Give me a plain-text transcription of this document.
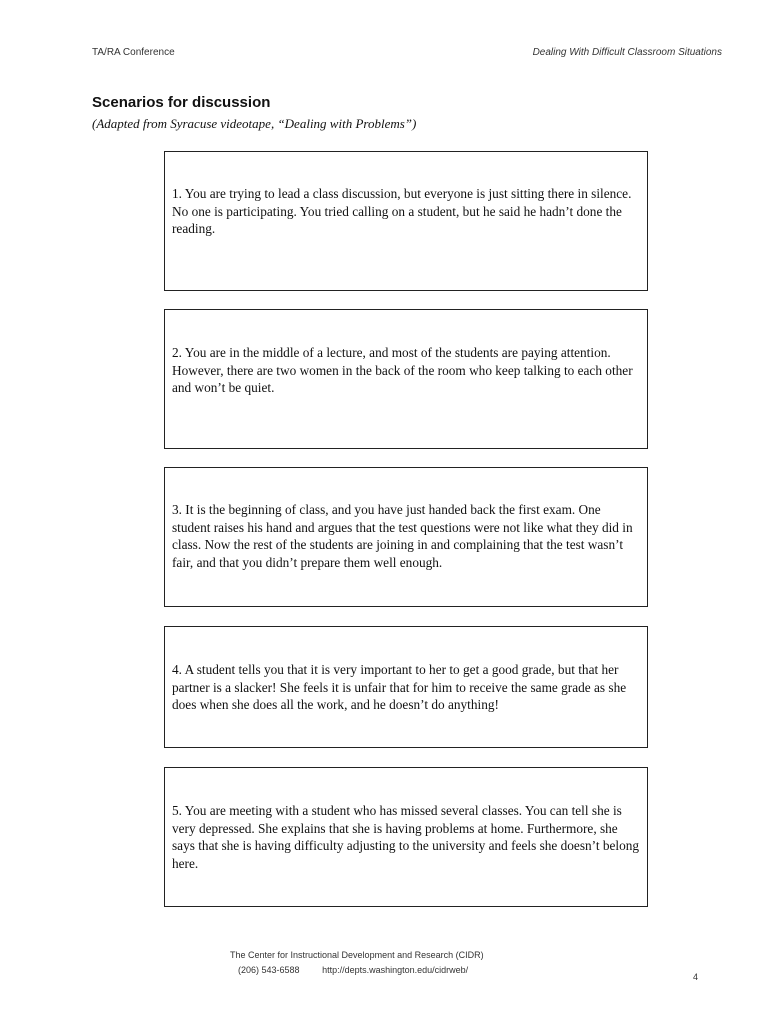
TA/RA Conference	Dealing With Difficult Classroom Situations
Scenarios for discussion
(Adapted from Syracuse videotape, “Dealing with Problems”)
1. You are trying to lead a class discussion, but everyone is just sitting there in silence. No one is participating. You tried calling on a student, but he said he hadn’t done the reading.
2. You are in the middle of a lecture, and most of the students are paying attention. However, there are two women in the back of the room who keep talking to each other and won’t be quiet.
3. It is the beginning of class, and you have just handed back the first exam. One student raises his hand and argues that the test questions were not like what they did in class. Now the rest of the students are joining in and complaining that the test wasn’t fair, and that you didn’t prepare them well enough.
4. A student tells you that it is very important to her to get a good grade, but that her partner is a slacker! She feels it is unfair that for him to receive the same grade as she does when she does all the work, and he doesn’t do anything!
5. You are meeting with a student who has missed several classes. You can tell she is very depressed. She explains that she is having problems at home. Furthermore, she says that she is having difficulty adjusting to the university and feels she doesn’t belong here.
The Center for Instructional Development and Research (CIDR)
(206) 543-6588	http://depts.washington.edu/cidrweb/
4
